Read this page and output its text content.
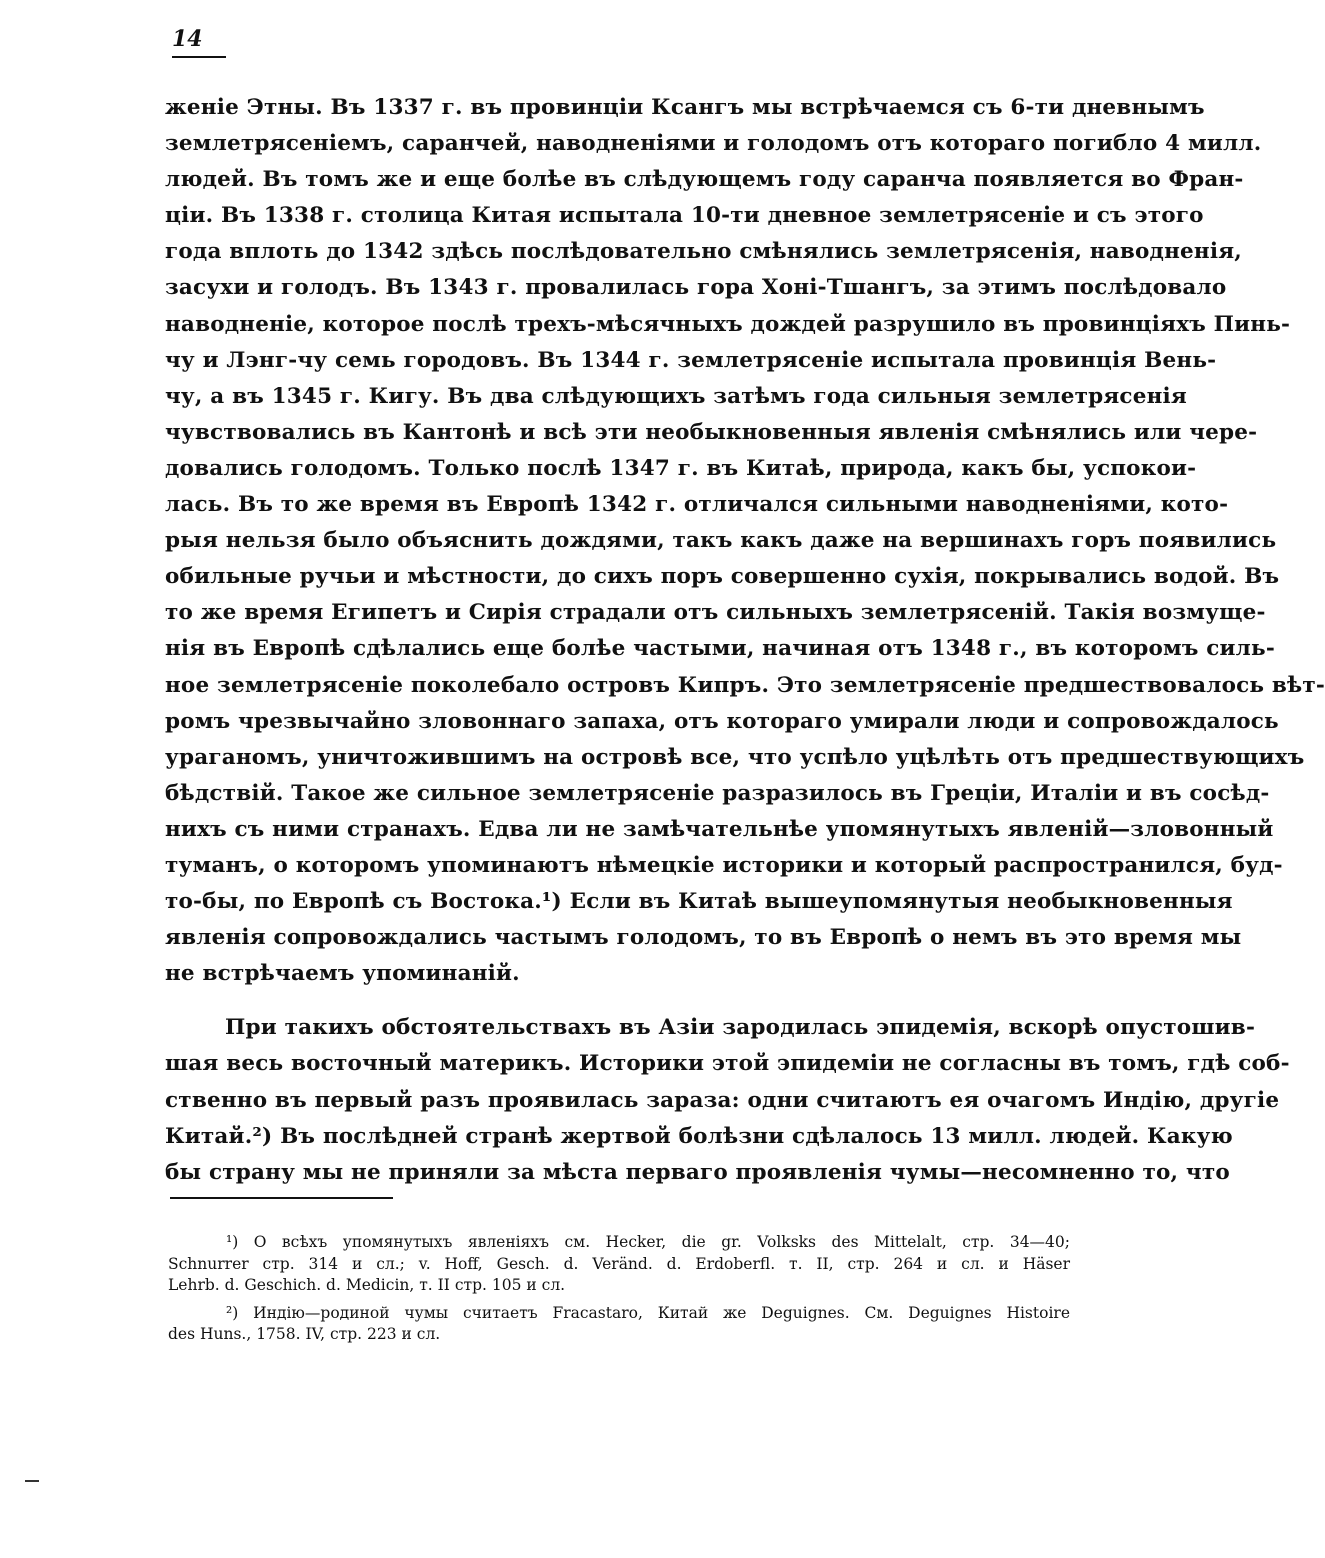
14
женіе Этны. Въ 1337 г. въ провинціи Ксангъ мы встрѣчаемся съ 6-ти дневнымъ
землетрясеніемъ, саранчей, наводненіями и голодомъ отъ котораго погибло 4 милл.
людей. Въ томъ же и еще болѣе въ слѣдующемъ году саранча появляется во Фран-
ціи. Въ 1338 г. столица Китая испытала 10-ти дневное землетрясеніе и съ этого
года вплоть до 1342 здѣсь послѣдовательно смѣнялись землетрясенія, наводненія,
засухи и голодъ. Въ 1343 г. провалилась гора Хоні-Тшангъ, за этимъ послѣдовало
наводненіе, которое послѣ трехъ-мѣсячныхъ дождей разрушило въ провинціяхъ Пинь-
чу и Лэнг-чу семь городовъ. Въ 1344 г. землетрясеніе испытала провинція Вень-
чу, а въ 1345 г. Кигу. Въ два слѣдующихъ затѣмъ года сильныя землетрясенія
чувствовались въ Кантонѣ и всѣ эти необыкновенныя явленія смѣнялись или чере-
довались голодомъ. Только послѣ 1347 г. въ Китаѣ, природа, какъ бы, успокои-
лась. Въ то же время въ Европѣ 1342 г. отличался сильными наводненіями, кото-
рыя нельзя было объяснить дождями, такъ какъ даже на вершинахъ горъ появились
обильные ручьи и мѣстности, до сихъ поръ совершенно сухія, покрывались водой. Въ
то же время Египетъ и Сирія страдали отъ сильныхъ землетрясеній. Такія возмуще-
нія въ Европѣ сдѣлались еще болѣе частыми, начиная отъ 1348 г., въ которомъ силь-
ное землетрясеніе поколебало островъ Кипръ. Это землетрясеніе предшествовалось вѣт-
ромъ чрезвычайно зловоннаго запаха, отъ котораго умирали люди и сопровождалось
ураганомъ, уничтожившимъ на островѣ все, что успѣло уцѣлѣть отъ предшествующихъ
бѣдствій. Такое же сильное землетрясеніе разразилось въ Греціи, Италіи и въ сосѣд-
нихъ съ ними странахъ. Едва ли не замѣчательнѣе упомянутыхъ явленій—зловонный
туманъ, о которомъ упоминаютъ нѣмецкіе историки и который распространился, буд-
то-бы, по Европѣ съ Востока.¹) Если въ Китаѣ вышеупомянутыя необыкновенныя
явленія сопровождались частымъ голодомъ, то въ Европѣ о немъ въ это время мы
не встрѣчаемъ упоминаній.
При такихъ обстоятельствахъ въ Азіи зародилась эпидемія, вскорѣ опустошив-
шая весь восточный материкъ. Историки этой эпидеміи не согласны въ томъ, гдѣ соб-
ственно въ первый разъ проявилась зараза: одни считаютъ ея очагомъ Индію, другіе
Китай.²) Въ послѣдней странѣ жертвой болѣзни сдѣлалось 13 милл. людей. Какую
бы страну мы не приняли за мѣста перваго проявленія чумы—несомненно то, что
¹) О всѣхъ упомянутыхъ явленіяхъ см. Hecker, die gr. Volksks des Mittelalt, стр. 34—40;
Schnurrer стр. 314 и сл.; v. Hoff, Gesch. d. Veränd. d. Erdoberfl. т. II, стр. 264 и сл. и Häser
Lehrb. d. Geschich. d. Medicin, т. II стр. 105 и сл.
²) Индію—родиной чумы считаетъ Fracastaro, Китай же Deguignes. См. Deguignes Histoire
des Huns., 1758. IV, стр. 223 и сл.
